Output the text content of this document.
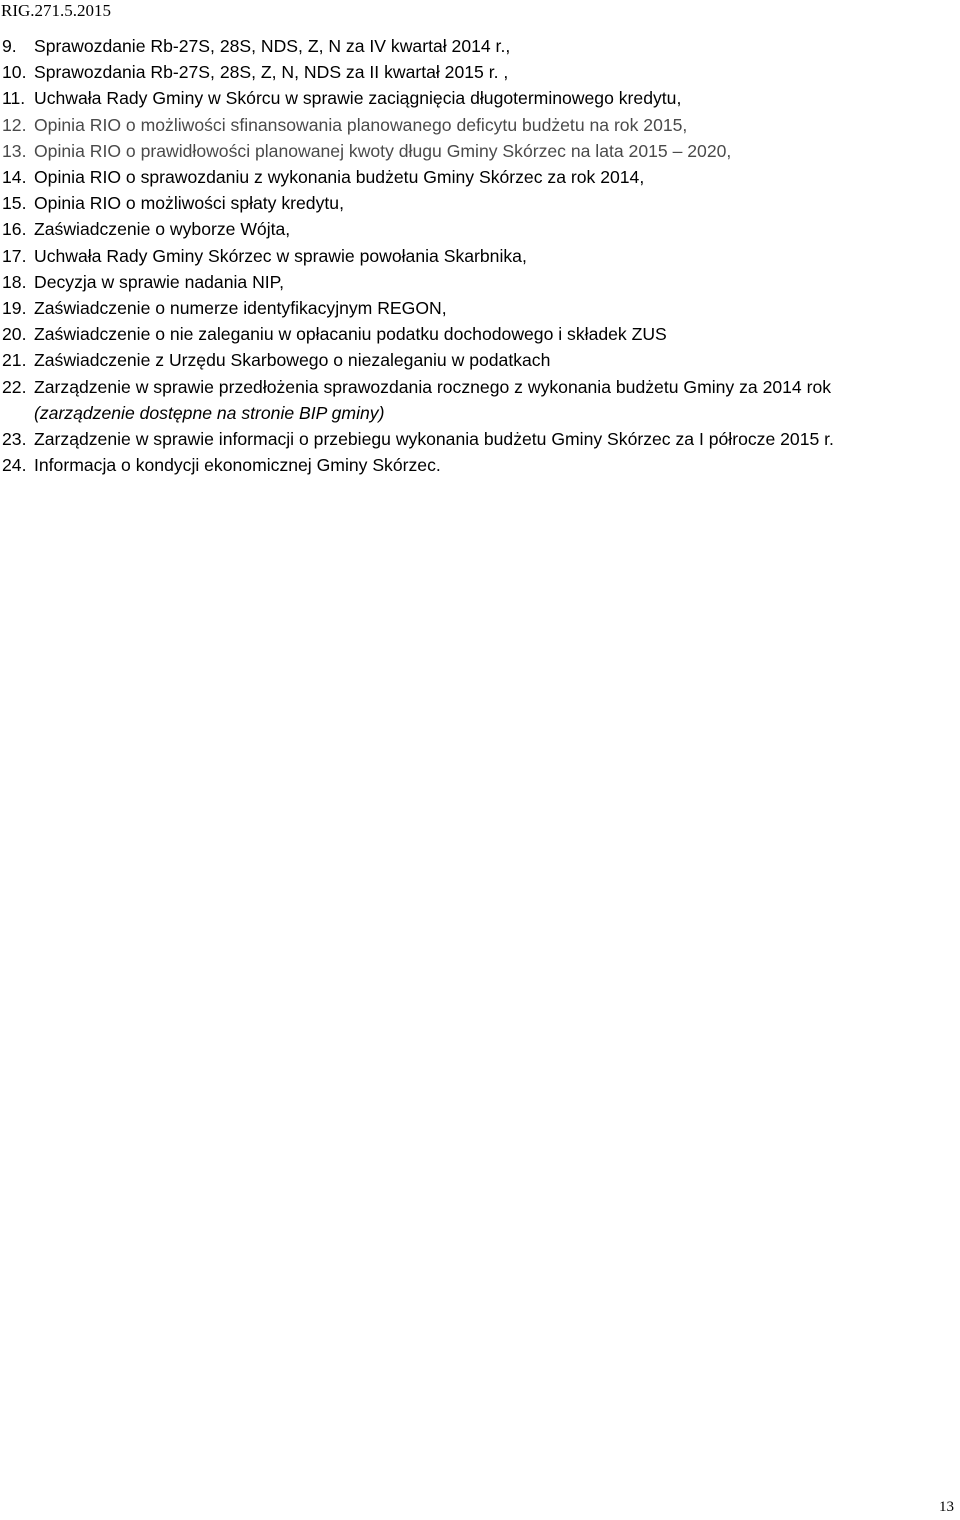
RIG.271.5.2015
9. Sprawozdanie Rb-27S, 28S, NDS, Z, N za IV kwartał 2014 r.,
10. Sprawozdania Rb-27S, 28S, Z, N, NDS za II kwartał 2015 r. ,
11. Uchwała Rady Gminy w Skórcu w sprawie zaciągnięcia długoterminowego kredytu,
12. Opinia RIO o możliwości sfinansowania planowanego deficytu budżetu na rok 2015,
13. Opinia RIO o prawidłowości planowanej kwoty długu Gminy Skórzec na lata 2015 – 2020,
14. Opinia RIO o sprawozdaniu z wykonania budżetu Gminy Skórzec za rok 2014,
15. Opinia RIO o możliwości spłaty kredytu,
16. Zaświadczenie o wyborze Wójta,
17. Uchwała Rady Gminy Skórzec w sprawie powołania Skarbnika,
18. Decyzja w sprawie nadania NIP,
19. Zaświadczenie o numerze identyfikacyjnym REGON,
20. Zaświadczenie o nie zaleganiu w opłacaniu podatku dochodowego i składek ZUS
21. Zaświadczenie z Urzędu Skarbowego o niezaleganiu w podatkach
22. Zarządzenie w sprawie przedłożenia sprawozdania rocznego z wykonania budżetu Gminy za 2014 rok
(zarządzenie dostępne na stronie BIP gminy)
23. Zarządzenie w sprawie informacji o przebiegu wykonania budżetu Gminy Skórzec za I półrocze 2015 r.
24. Informacja o kondycji ekonomicznej Gminy Skórzec.
13
